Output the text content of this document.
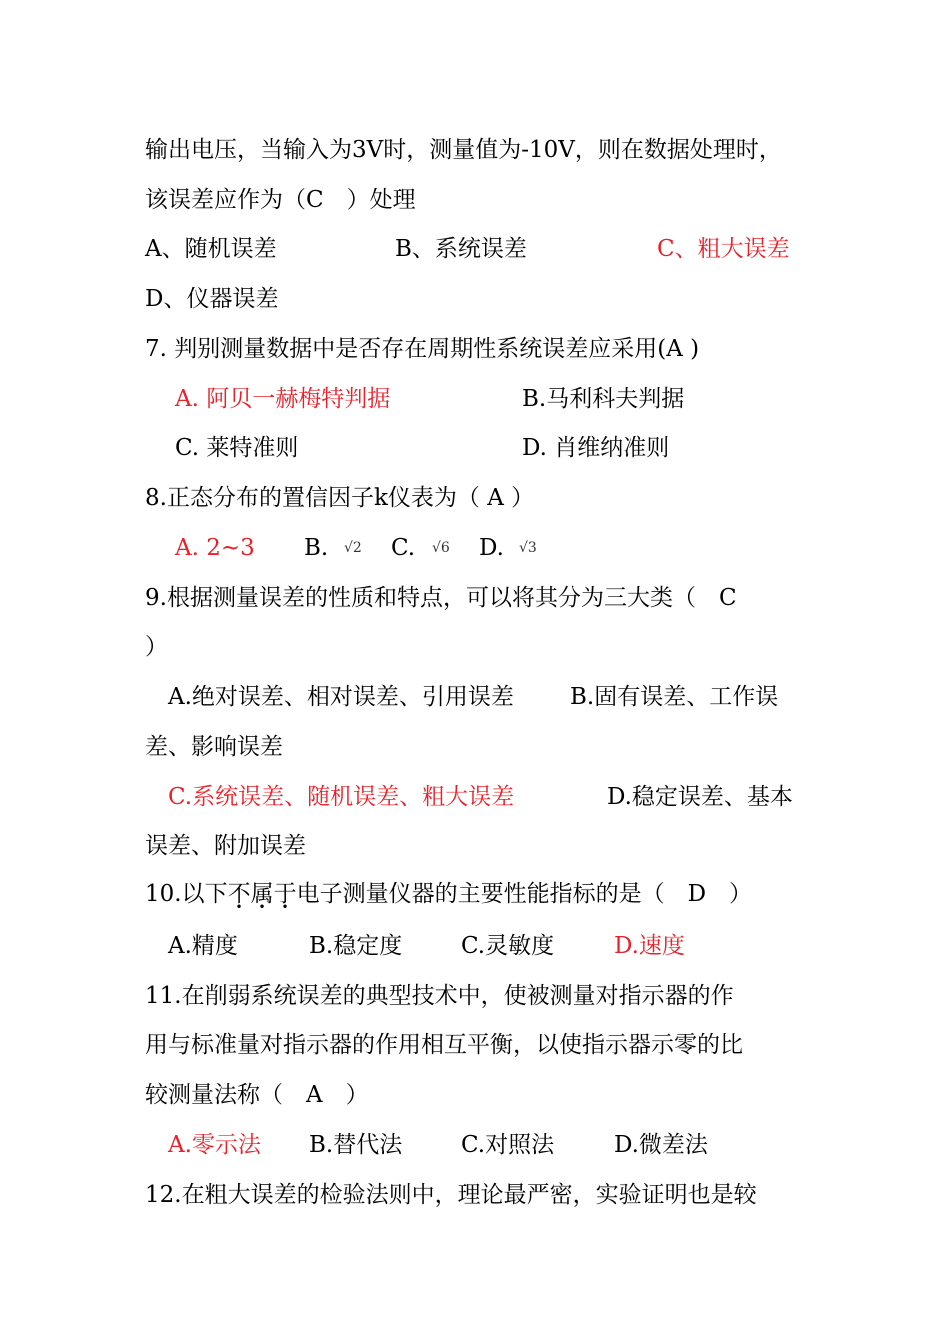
输出电压，当输入为3V时，测量值为-10V，则在数据处理时，
该误差应作为（C　）处理
A、随机误差	B、系统误差	C、粗大误差
D、仪器误差
7. 判别测量数据中是否存在周期性系统误差应采用(A )
A. 阿贝一赫梅特判据	B.马利科夫判据
C. 莱特准则	D. 肖维纳准则
8.正态分布的置信因子k仪表为（ A ）
A. 2~3 B. √2 C. √6 D. √3
9.根据测量误差的性质和特点，可以将其分为三大类（　C
）
A.绝对误差、相对误差、引用误差 B.固有误差、工作误
差、影响误差
C.系统误差、随机误差、粗大误差	D.稳定误差、基本
误差、附加误差
10.以下不属于电子测量仪器的主要性能指标的是（　D　）
A.精度	B.稳定度	C.灵敏度	D.速度
11.在削弱系统误差的典型技术中，使被测量对指示器的作
用与标准量对指示器的作用相互平衡，以使指示器示零的比
较测量法称（　A　）
A.零示法 B.替代法	C.对照法	D.微差法
12.在粗大误差的检验法则中，理论最严密，实验证明也是较
